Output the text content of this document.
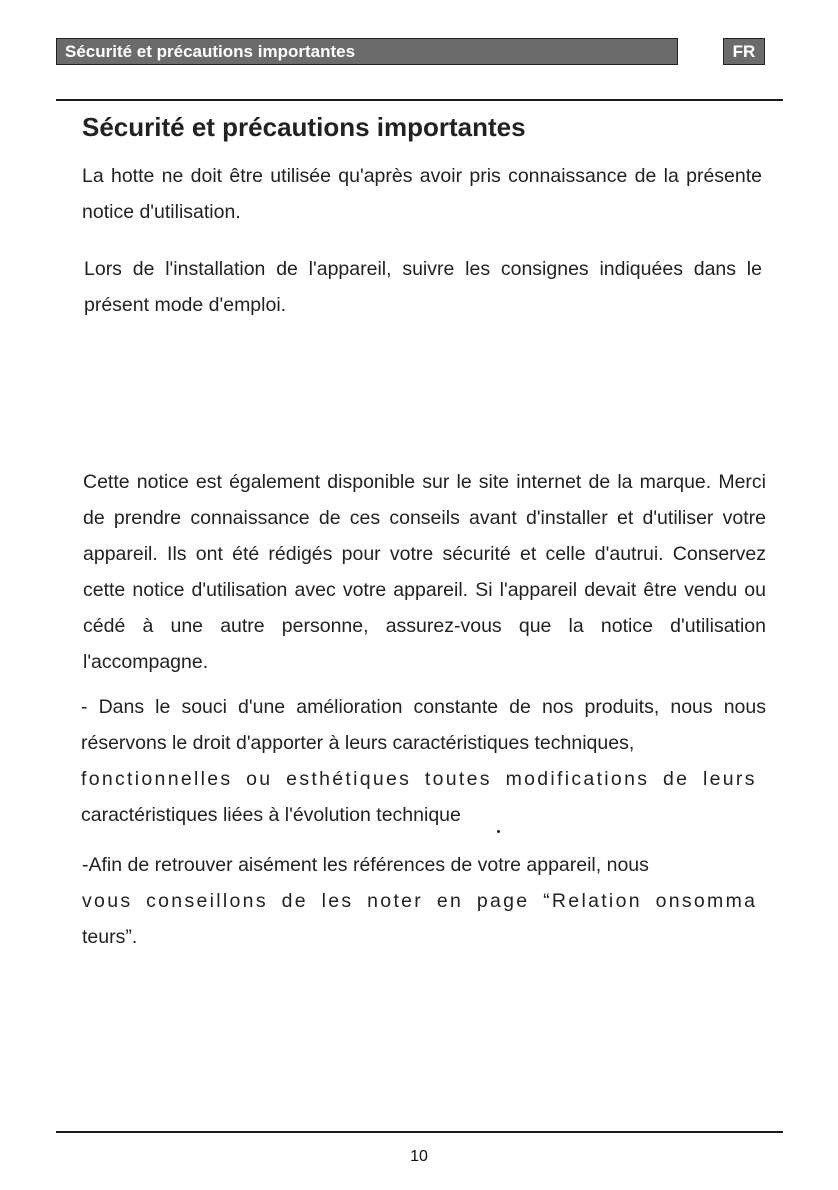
Sécurité et précautions importantes	FR
Sécurité et précautions importantes

La hotte ne doit être utilisée qu'après avoir pris connaissance de la présente notice d'utilisation.

Lors de l'installation de l'appareil, suivre les consignes indiquées dans le présent mode d'emploi.

Cette notice est également disponible sur le site internet de la marque. Merci de prendre connaissance de ces conseils avant d'installer et d'utiliser votre appareil. Ils ont été rédigés pour votre sécurité et celle d'autrui. Conservez cette notice d'utilisation avec votre appareil. Si l'appareil devait être vendu ou cédé à une autre personne, assurez-vous que la notice d'utilisation l'accompagne.

- Dans le souci d'une amélioration constante de nos produits, nous nous réservons le droit d'apporter à leurs caractéristiques techniques,
fonctionnelles ou esthétiques toutes modifications de leurs
caractéristiques liées à l'évolution technique
-Afin de retrouver aisément les références de votre appareil, nous
vous conseillons de les noter en page “Relation onsomma
teurs”.
10
